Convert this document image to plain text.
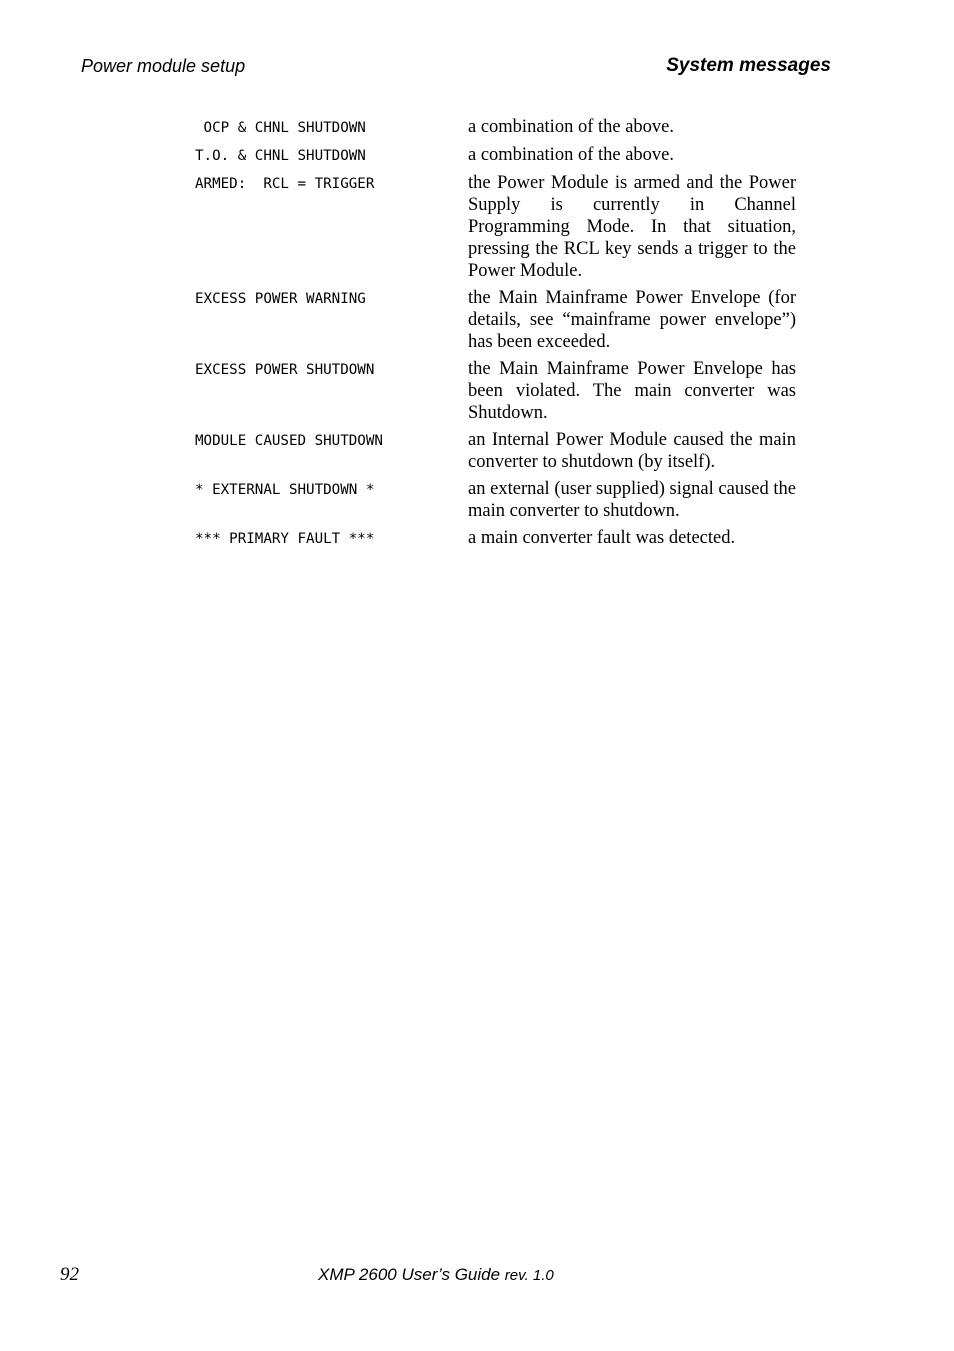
Power module setup	System messages
OCP & CHNL SHUTDOWN	a combination of the above.
T.O. & CHNL SHUTDOWN	a combination of the above.
ARMED:  RCL = TRIGGER	the Power Module is armed and the Power Supply is currently in Channel Programming Mode. In that situation, pressing the RCL key sends a trigger to the Power Module.
EXCESS POWER WARNING	the Main Mainframe Power Envelope (for details, see “mainframe power envelope”) has been exceeded.
EXCESS POWER SHUTDOWN	the Main Mainframe Power Envelope has been violated. The main converter was Shutdown.
MODULE CAUSED SHUTDOWN	an Internal Power Module caused the main converter to shutdown (by itself).
* EXTERNAL SHUTDOWN *	an external (user supplied) signal caused the main converter to shutdown.
*** PRIMARY FAULT ***	a main converter fault was detected.
92	XMP 2600 User’s Guide rev. 1.0
